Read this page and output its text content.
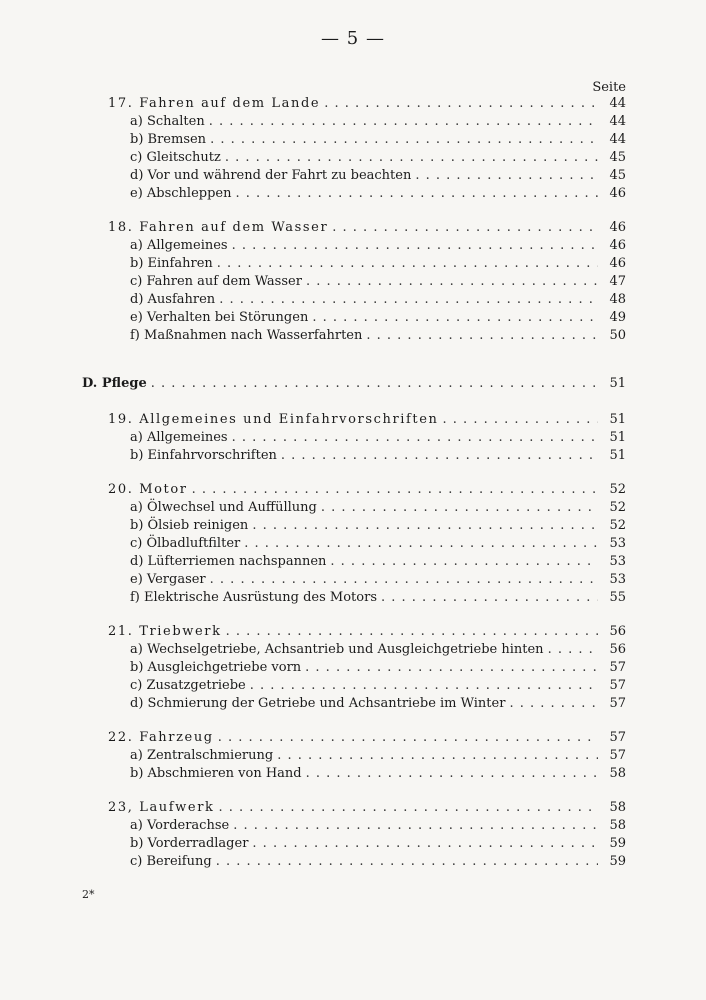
— 5 —
Seite
17. Fahren auf dem Lande . . .	44
a) Schalten . . .	44
b) Bremsen . . .	44
c) Gleitschutz . . .	45
d) Vor und während der Fahrt zu beachten . . .	45
e) Abschleppen . . .	46
18. Fahren auf dem Wasser . . .	46
a) Allgemeines . . .	46
b) Einfahren . . .	46
c) Fahren auf dem Wasser . . .	47
d) Ausfahren . . .	48
e) Verhalten bei Störungen . . .	49
f) Maßnahmen nach Wasserfahrten . . .	50
D. Pflege . . .	51
19. Allgemeines und Einfahrvorschriften . . .	51
a) Allgemeines . . .	51
b) Einfahrvorschriften . . .	51
20. Motor . . .	52
a) Ölwechsel und Auffüllung . . .	52
b) Ölsieb reinigen . . .	52
c) Ölbadluftfilter . . .	53
d) Lüfterriemen nachspannen . . .	53
e) Vergaser . . .	53
f) Elektrische Ausrüstung des Motors . . .	55
21. Triebwerk . . .	56
a) Wechselgetriebe, Achsantrieb und Ausgleichgetriebe hinten . . .	56
b) Ausgleichgetriebe vorn . . .	57
c) Zusatzgetriebe . . .	57
d) Schmierung der Getriebe und Achsantriebe im Winter . . .	57
22. Fahrzeug . . .	57
a) Zentralschmierung . . .	57
b) Abschmieren von Hand . . .	58
23, Laufwerk . . .	58
a) Vorderachse . . .	58
b) Vorderradlager . . .	59
c) Bereifung . . .	59
2*
